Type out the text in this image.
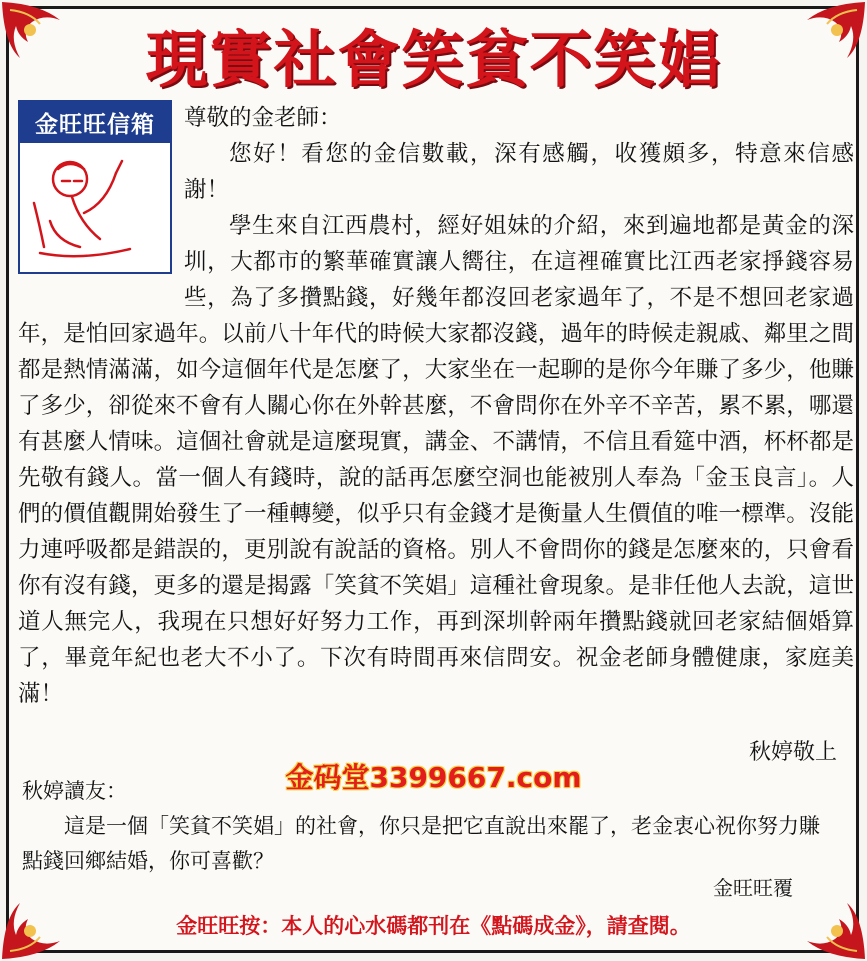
現實社會笑貧不笑娼
金旺旺信箱	尊敬的金老師：

您好！看您的金信數載，深有感觸，收獲頗多，特意來信感謝！

學生來自江西農村，經好姐妹的介紹，來到遍地都是黃金的深圳，大都市的繁華確實讓人嚮往，在這裡確實比江西老家掙錢容易些，為了多攢點錢，好幾年都沒回老家過年了，不是不想回老家過年，是怕回家過年。以前八十年代的時候大家都沒錢，過年的時候走親戚、鄰里之間都是熱情滿滿，如今這個年代是怎麼了，大家坐在一起聊的是你今年賺了多少，他賺了多少，卻從來不會有人關心你在外幹甚麼，不會問你在外辛不辛苦，累不累，哪還有甚麼人情味。這個社會就是這麼現實，講金、不講情，不信且看筵中酒，杯杯都是先敬有錢人。當一個人有錢時，說的話再怎麼空洞也能被別人奉為「金玉良言」。人們的價值觀開始發生了一種轉變，似乎只有金錢才是衡量人生價值的唯一標準。沒能力連呼吸都是錯誤的，更別說有說話的資格。別人不會問你的錢是怎麼來的，只會看你有沒有錢，更多的還是揭露「笑貧不笑娼」這種社會現象。是非任他人去說，這世道人無完人，我現在只想好好努力工作，再到深圳幹兩年攢點錢就回老家結個婚算了，畢竟年紀也老大不小了。下次有時間再來信問安。祝金老師身體健康，家庭美滿！

秋婷敬上
金码堂3399667.com
秋婷讀友：

這是一個「笑貧不笑娼」的社會，你只是把它直說出來罷了，老金衷心祝你努力賺點錢回鄉結婚，你可喜歡？

金旺旺覆
金旺旺按：本人的心水碼都刊在《點碼成金》，請查閱。
